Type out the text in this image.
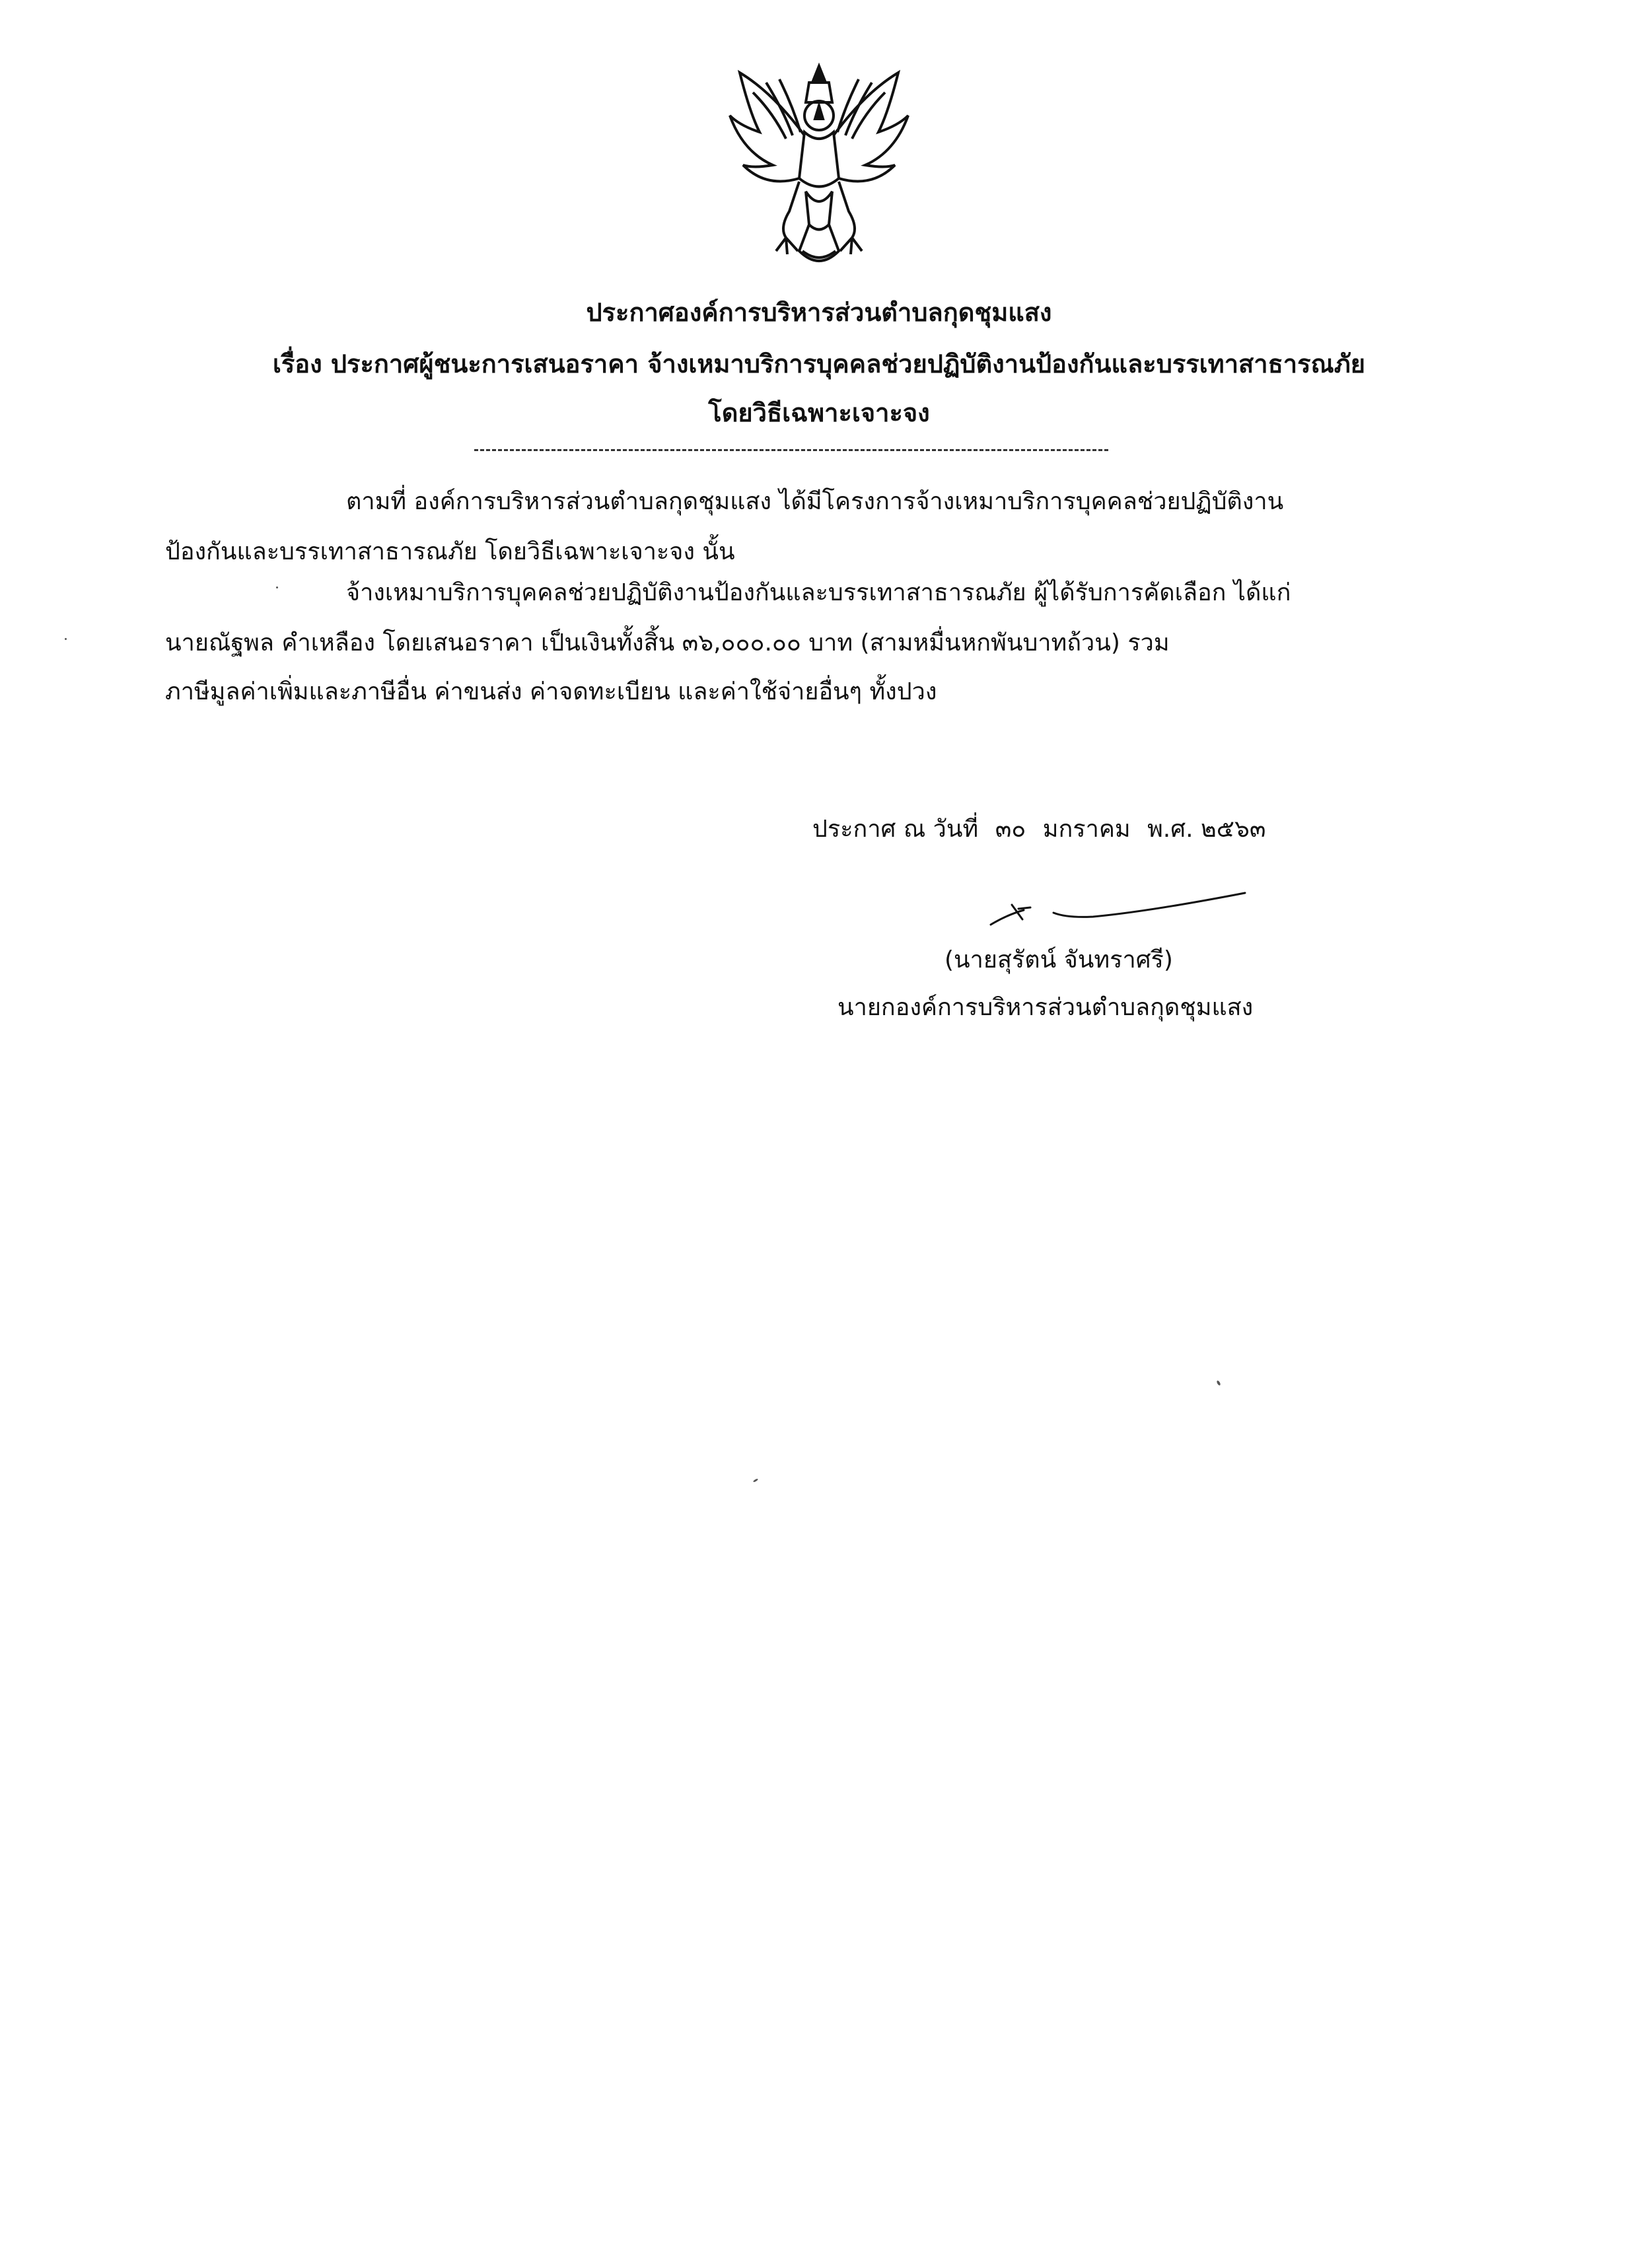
ประกาศองค์การบริหารส่วนตำบลกุดชุมแสง
เรื่อง ประกาศผู้ชนะการเสนอราคา จ้างเหมาบริการบุคคลช่วยปฏิบัติงานป้องกันและบรรเทาสาธารณภัย
โดยวิธีเฉพาะเจาะจง
ตามที่ องค์การบริหารส่วนตำบลกุดชุมแสง ได้มีโครงการจ้างเหมาบริการบุคคลช่วยปฏิบัติงาน
ป้องกันและบรรเทาสาธารณภัย โดยวิธีเฉพาะเจาะจง นั้น
จ้างเหมาบริการบุคคลช่วยปฏิบัติงานป้องกันและบรรเทาสาธารณภัย ผู้ได้รับการคัดเลือก ได้แก่
นายณัฐพล คำเหลือง โดยเสนอราคา เป็นเงินทั้งสิ้น ๓๖,๐๐๐.๐๐ บาท (สามหมื่นหกพันบาทถ้วน) รวม
ภาษีมูลค่าเพิ่มและภาษีอื่น ค่าขนส่ง ค่าจดทะเบียน และค่าใช้จ่ายอื่นๆ ทั้งปวง
ประกาศ ณ วันที่ ๓๐ มกราคม พ.ศ. ๒๕๖๓
(นายสุรัตน์ จันทราศรี)
นายกองค์การบริหารส่วนตำบลกุดชุมแสง
